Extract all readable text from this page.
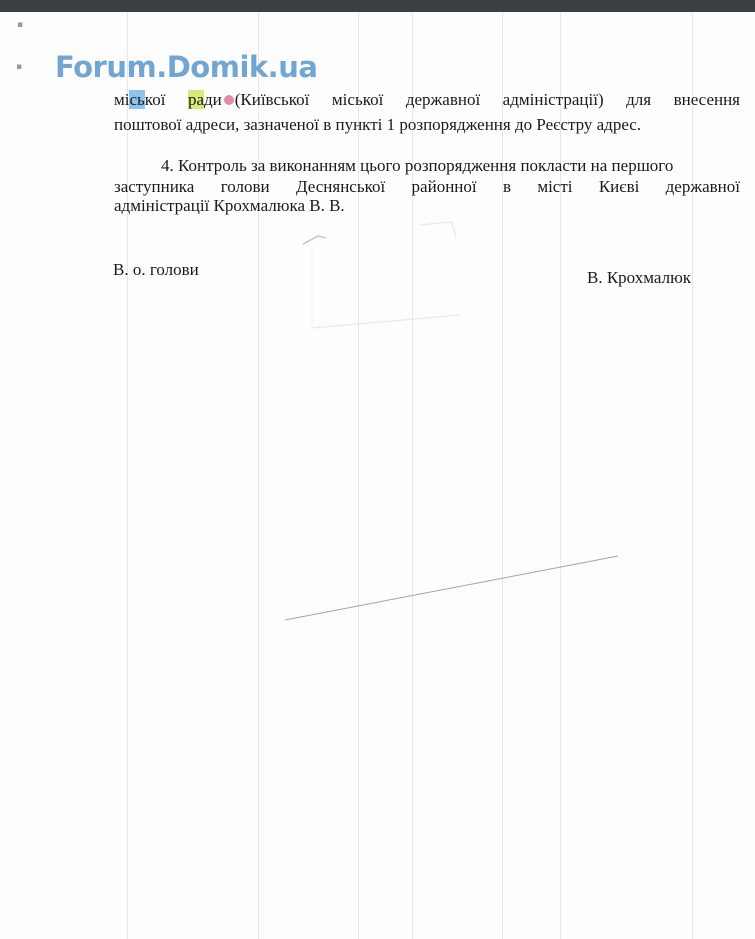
▪
▪ Forum.Domik.ua
міської ради (Київської міської державної адміністрації) для внесення
поштової адреси, зазначеної в пункті 1 розпорядження до Реєстру адрес.
4. Контроль за виконанням цього розпорядження покласти на першого
заступника голови Деснянської районної в місті Києві державної
адміністрації Крохмалюка В. В.
В. о. голови	В. Крохмалюк
